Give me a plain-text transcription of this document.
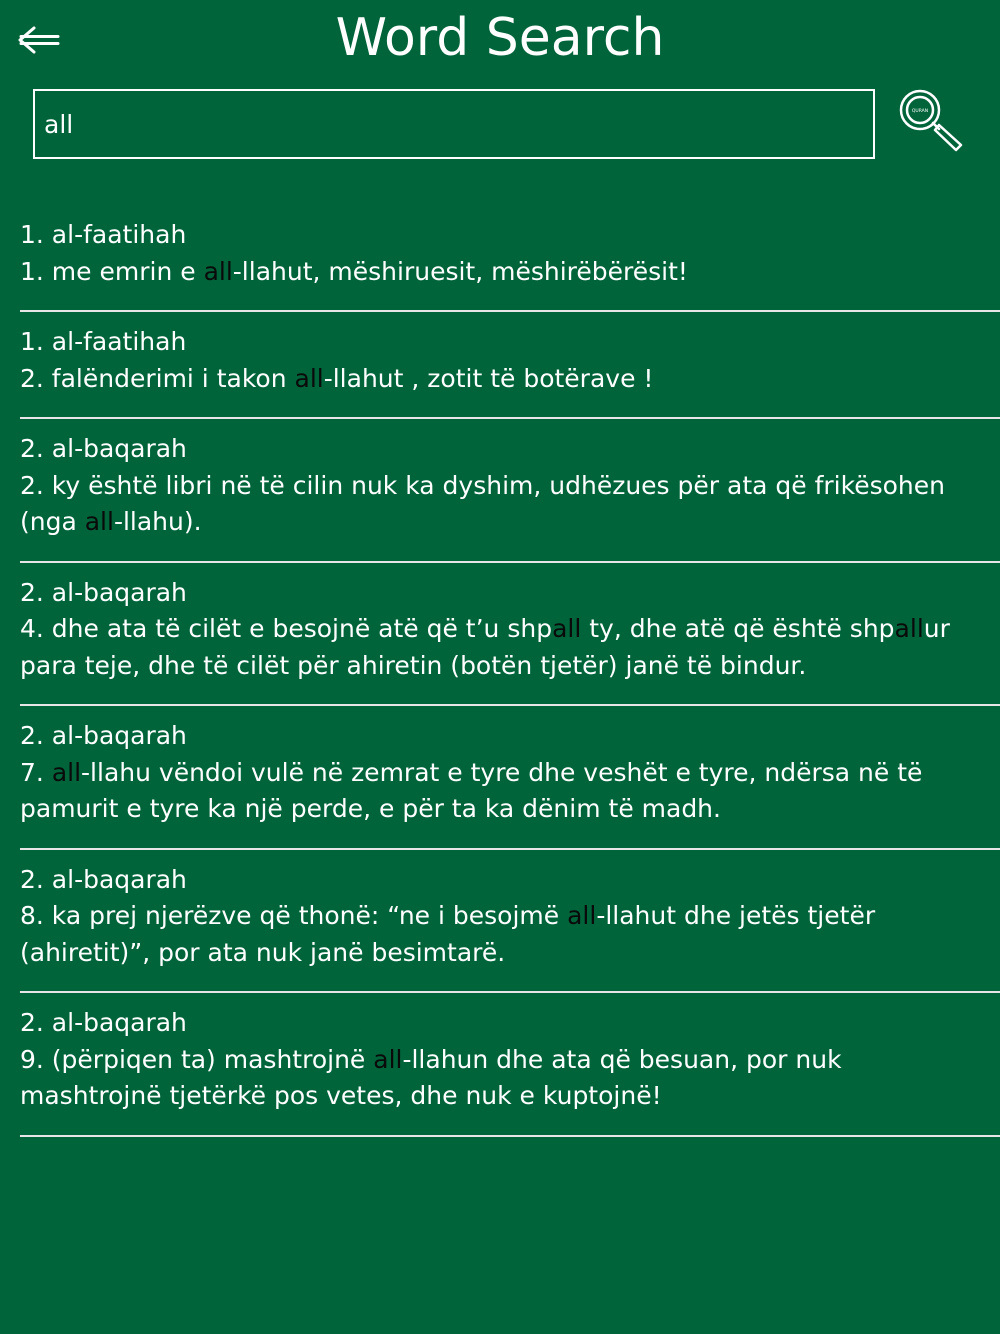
Word Search
all
QURAN
1. al-faatihah
1. me emrin e all-llahut, mëshiruesit, mëshirëbërësit!
1. al-faatihah
2. falënderimi i takon all-llahut , zotit të botërave !
2. al-baqarah
2. ky është libri në të cilin nuk ka dyshim, udhëzues për ata që frikësohen (nga all-llahu).
2. al-baqarah
4. dhe ata të cilët e besojnë atë që t’u shpall ty, dhe atë që është shpallur para teje, dhe të cilët për ahiretin (botën tjetër) janë të bindur.
2. al-baqarah
7. all-llahu vëndoi vulë në zemrat e tyre dhe veshët e tyre, ndërsa në të pamurit e tyre ka një perde, e për ta ka dënim të madh.
2. al-baqarah
8. ka prej njerëzve që thonë: “ne i besojmë all-llahut dhe jetës tjetër (ahiretit)”, por ata nuk janë besimtarë.
2. al-baqarah
9. (përpiqen ta) mashtrojnë all-llahun dhe ata që besuan, por nuk mashtrojnë tjetërkë pos vetes, dhe nuk e kuptojnë!
